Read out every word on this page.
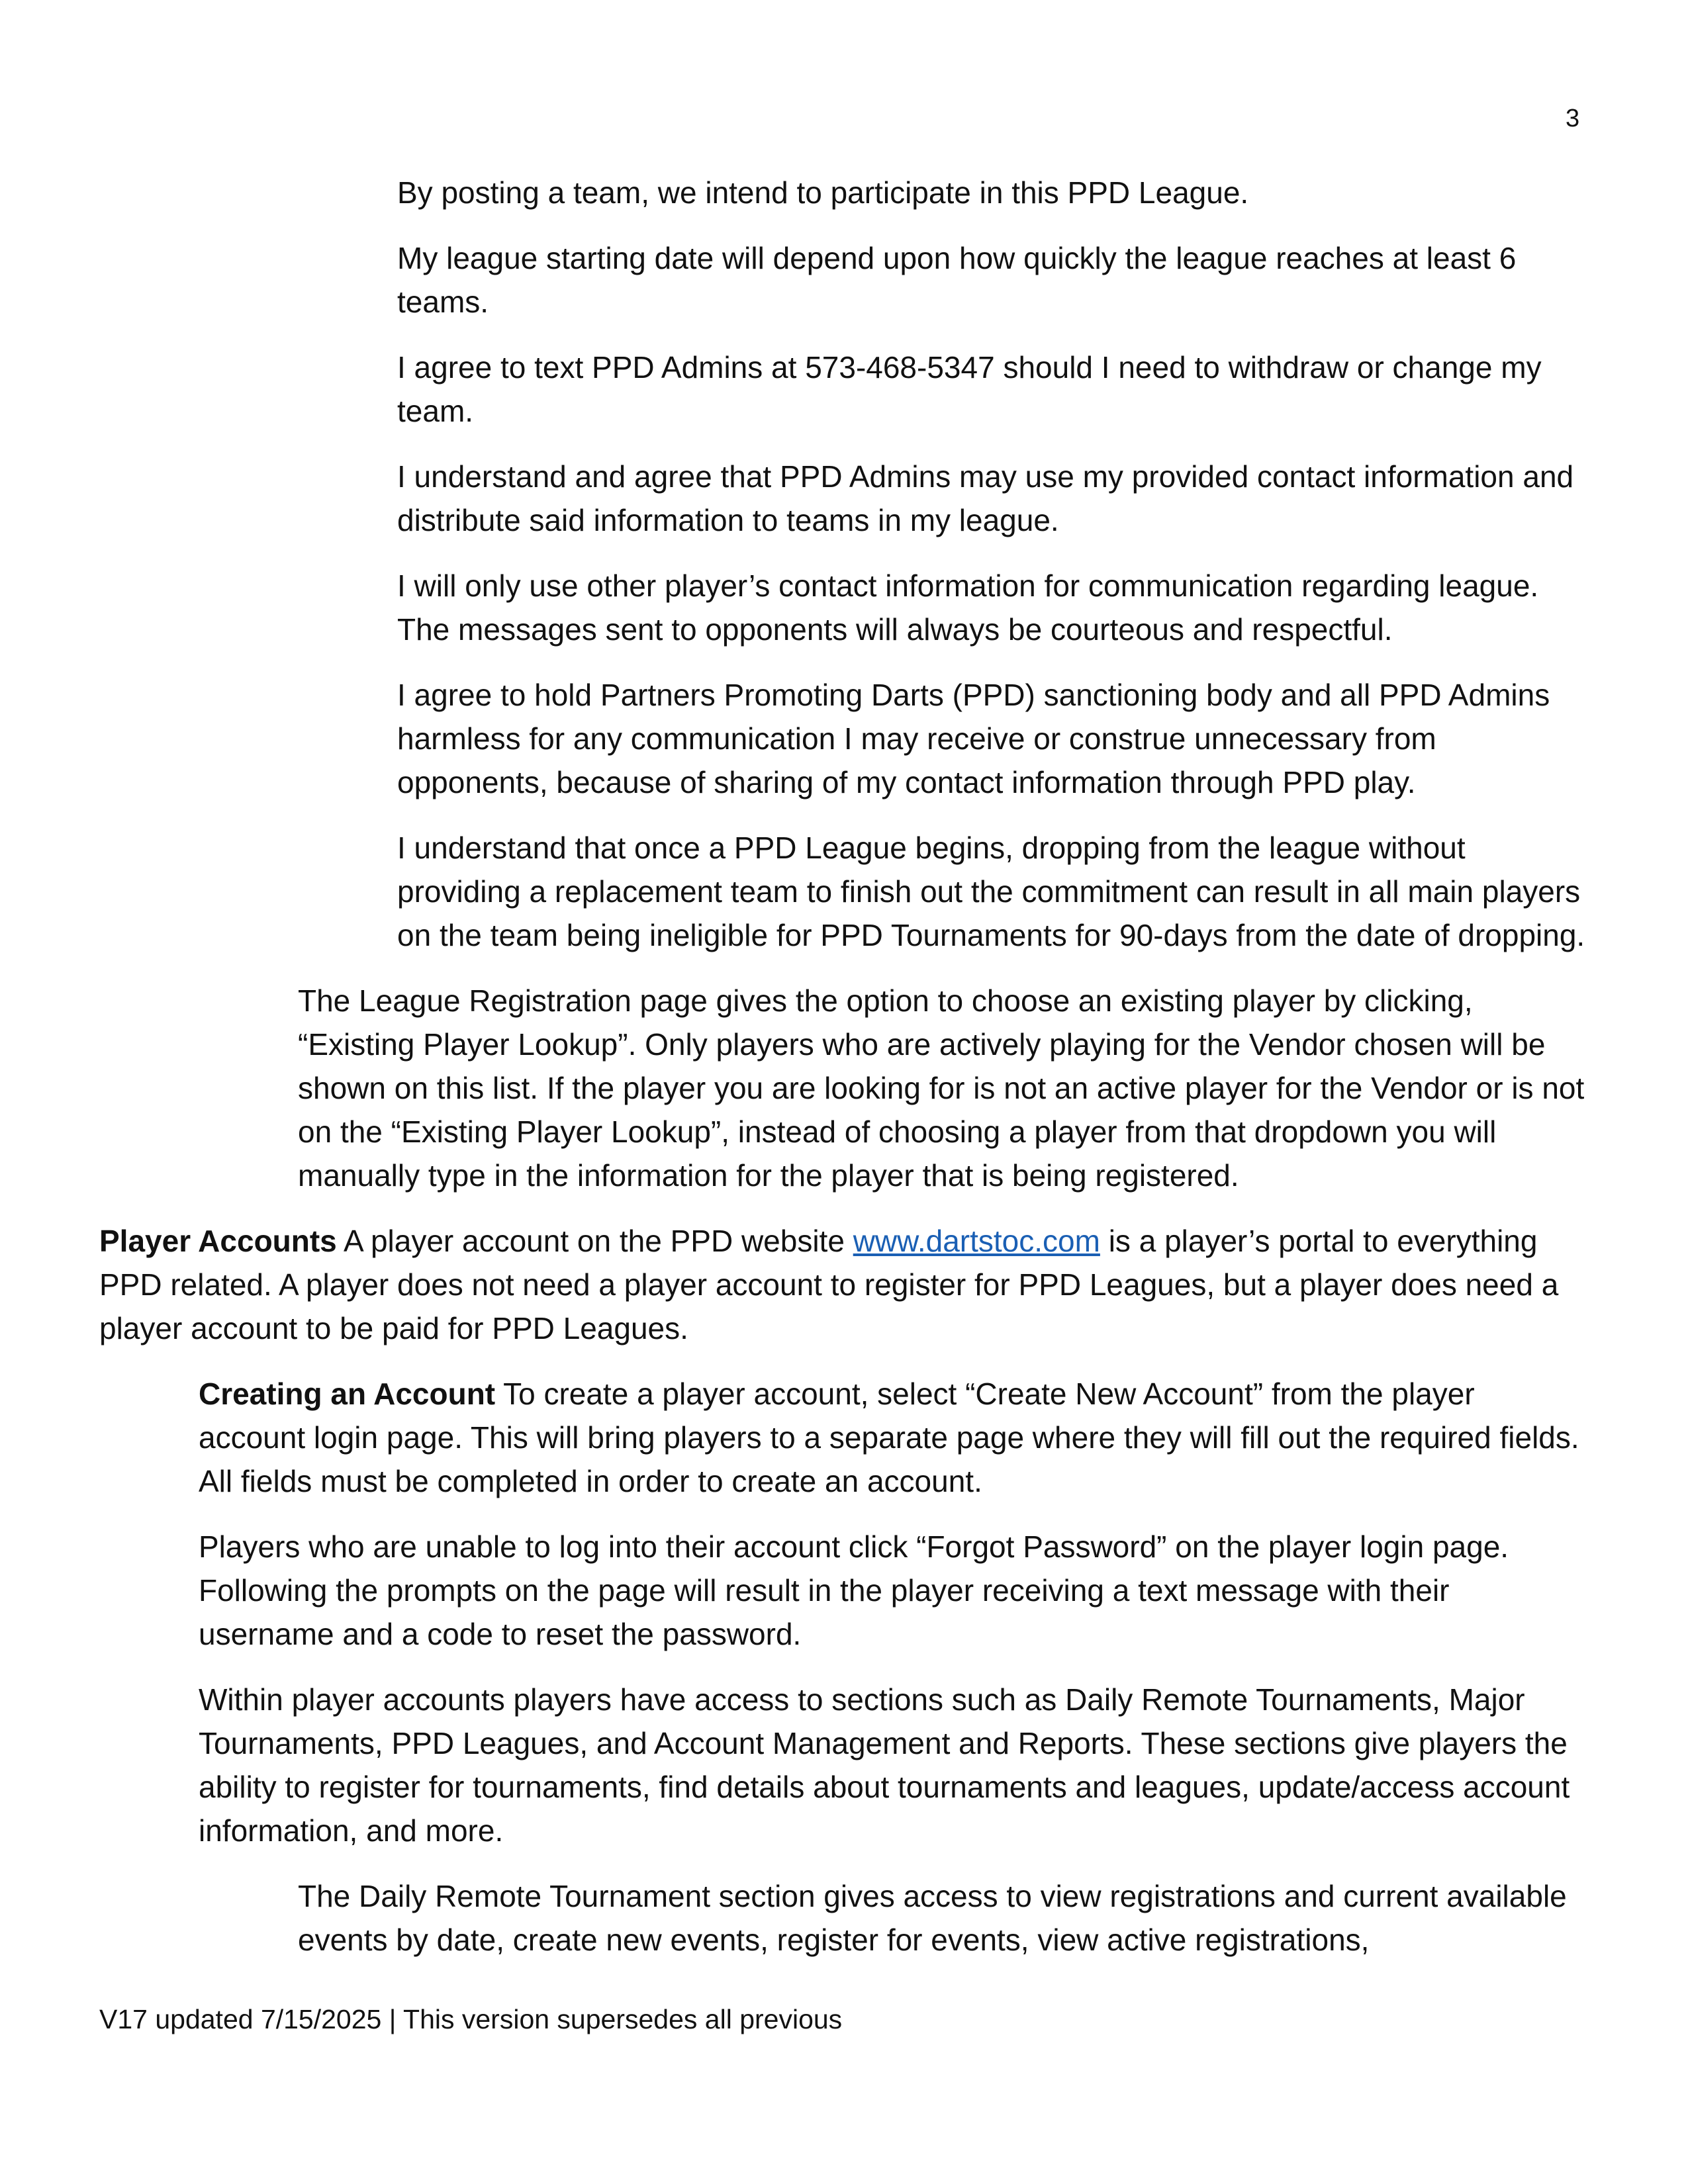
3

By posting a team, we intend to participate in this PPD League.

My league starting date will depend upon how quickly the league reaches at least 6 teams.

I agree to text PPD Admins at 573-468-5347 should I need to withdraw or change my team.

I understand and agree that PPD Admins may use my provided contact information and distribute said information to teams in my league.

I will only use other player’s contact information for communication regarding league. The messages sent to opponents will always be courteous and respectful.

I agree to hold Partners Promoting Darts (PPD) sanctioning body and all PPD Admins harmless for any communication I may receive or construe unnecessary from opponents, because of sharing of my contact information through PPD play.

I understand that once a PPD League begins, dropping from the league without providing a replacement team to finish out the commitment can result in all main players on the team being ineligible for PPD Tournaments for 90-days from the date of dropping.

The League Registration page gives the option to choose an existing player by clicking, “Existing Player Lookup”. Only players who are actively playing for the Vendor chosen will be shown on this list. If the player you are looking for is not an active player for the Vendor or is not on the “Existing Player Lookup”, instead of choosing a player from that dropdown you will manually type in the information for the player that is being registered.

Player Accounts A player account on the PPD website www.dartstoc.com is a player’s portal to everything PPD related. A player does not need a player account to register for PPD Leagues, but a player does need a player account to be paid for PPD Leagues.

Creating an Account To create a player account, select “Create New Account” from the player account login page. This will bring players to a separate page where they will fill out the required fields. All fields must be completed in order to create an account.

Players who are unable to log into their account click “Forgot Password” on the player login page. Following the prompts on the page will result in the player receiving a text message with their username and a code to reset the password.

Within player accounts players have access to sections such as Daily Remote Tournaments, Major Tournaments, PPD Leagues, and Account Management and Reports. These sections give players the ability to register for tournaments, find details about tournaments and leagues, update/access account information, and more.

The Daily Remote Tournament section gives access to view registrations and current available events by date, create new events, register for events, view active registrations,

V17 updated 7/15/2025 | This version supersedes all previous
